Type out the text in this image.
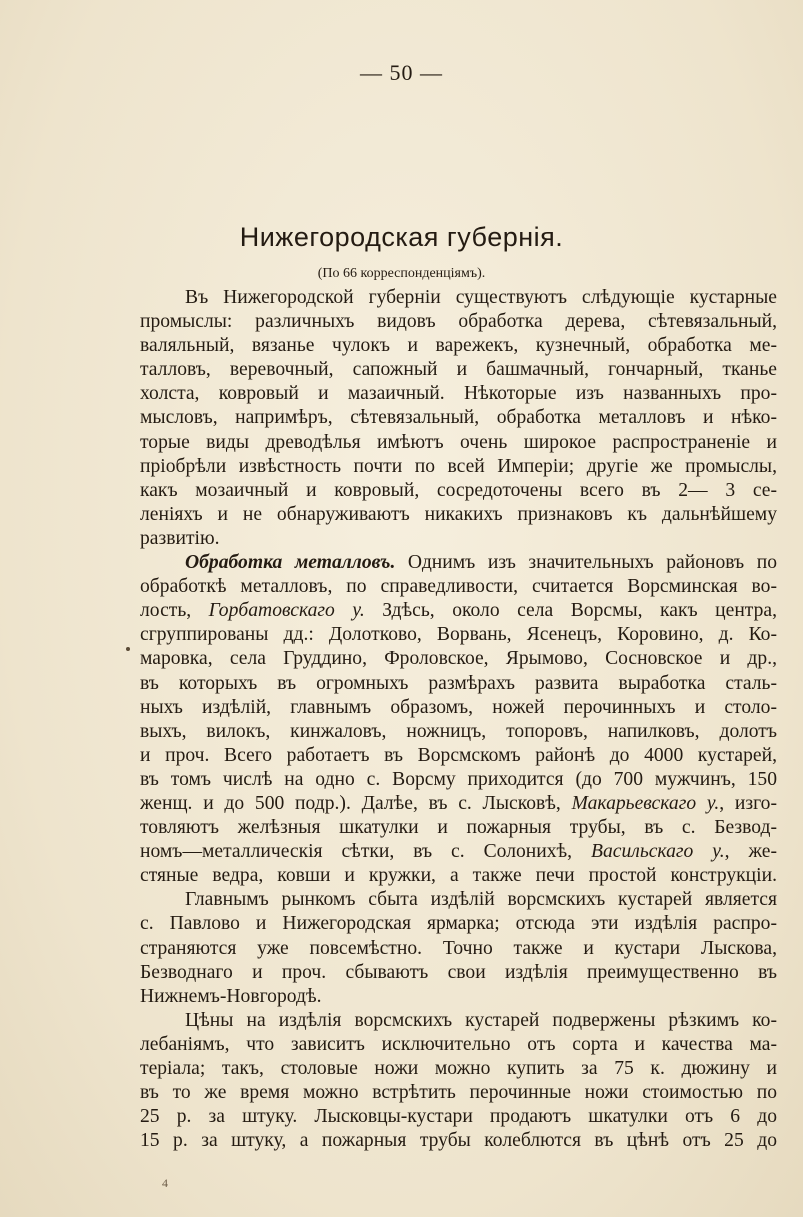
— 50 —
Нижегородская губернія.
(По 66 корреспонденціямъ).
Въ Нижегородской губерніи существуютъ слѣдующіе кустарные
промыслы: различныхъ видовъ обработка дерева, сѣтевязальный,
валяльный, вязанье чулокъ и варежекъ, кузнечный, обработка ме-
талловъ, веревочный, сапожный и башмачный, гончарный, тканье
холста, ковровый и мазаичный. Нѣкоторые изъ названныхъ про-
мысловъ, напримѣръ, сѣтевязальный, обработка металловъ и нѣко-
торые виды древодѣлья имѣютъ очень широкое распространеніе и
пріобрѣли извѣстность почти по всей Имперіи; другіе же промыслы,
какъ мозаичный и ковровый, сосредоточены всего въ 2— 3 се-
леніяхъ и не обнаруживаютъ никакихъ признаковъ къ дальнѣйшему
развитію.
Обработка металловъ. Однимъ изъ значительныхъ районовъ по
обработкѣ металловъ, по справедливости, считается Ворсминская во-
лость, Горбатовскаго у. Здѣсь, около села Ворсмы, какъ центра,
сгруппированы дд.: Долотково, Ворвань, Ясенецъ, Коровино, д. Ко-
маровка, села Груддино, Фроловское, Ярымово, Сосновское и др.,
въ которыхъ въ огромныхъ размѣрахъ развита выработка сталь-
ныхъ издѣлій, главнымъ образомъ, ножей перочинныхъ и столо-
выхъ, вилокъ, кинжаловъ, ножницъ, топоровъ, напилковъ, долотъ
и проч. Всего работаетъ въ Ворсмскомъ районѣ до 4000 кустарей,
въ томъ числѣ на одно с. Ворсму приходится (до 700 мужчинъ, 150
женщ. и до 500 подр.). Далѣе, въ с. Лысковѣ, Макарьевскаго у., изго-
товляютъ желѣзныя шкатулки и пожарныя трубы, въ с. Безвод-
номъ—металлическія сѣтки, въ с. Солонихѣ, Васильскаго у., же-
стяные ведра, ковши и кружки, а также печи простой конструкціи.
Главнымъ рынкомъ сбыта издѣлій ворсмскихъ кустарей является
с. Павлово и Нижегородская ярмарка; отсюда эти издѣлія распро-
страняются уже повсемѣстно. Точно также и кустари Лыскова,
Безводнаго и проч. сбываютъ свои издѣлія преимущественно въ
Нижнемъ-Новгородѣ.
Цѣны на издѣлія ворсмскихъ кустарей подвержены рѣзкимъ ко-
лебаніямъ, что зависитъ исключительно отъ сорта и качества ма-
теріала; такъ, столовые ножи можно купить за 75 к. дюжину и
въ то же время можно встрѣтить перочинные ножи стоимостью по
25 р. за штуку. Лысковцы-кустари продаютъ шкатулки отъ 6 до
15 р. за штуку, а пожарныя трубы колеблются въ цѣнѣ отъ 25 до
4
